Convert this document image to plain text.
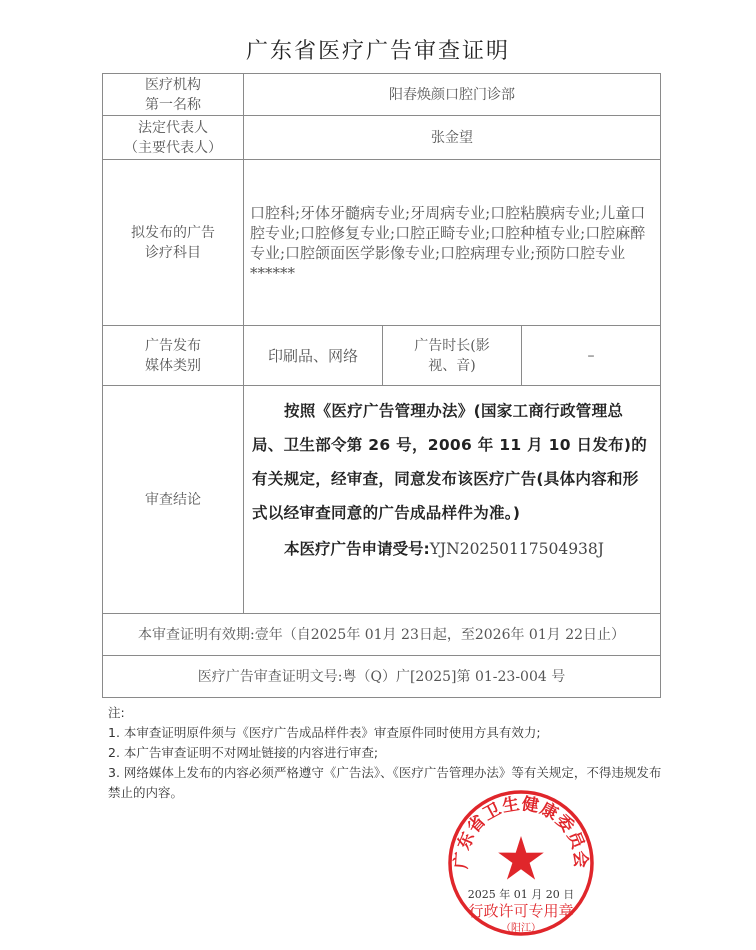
广东省医疗广告审查证明
医疗机构
第一名称	阳春焕颜口腔门诊部		

法定代表人
（主要代表人）	张金望		

拟发布的广告
诊疗科目	口腔科;牙体牙髓病专业;牙周病专业;口腔粘膜病专业;儿童口腔专业;口腔修复专业;口腔正畸专业;口腔种植专业;口腔麻醉专业;口腔颌面医学影像专业;口腔病理专业;预防口腔专业******		

广告发布
媒体类别	印刷品、网络	广告时长(影
视、音)	–
审查结论	按照《医疗广告管理办法》(国家工商行政管理总局、卫生部令第 26 号，2006 年 11 月 10 日发布)的有关规定，经审查，同意发布该医疗广告(具体内容和形式以经审查同意的广告成品样件为准。)

本医疗广告申请受号:YJN20250117504938J		

本审查证明有效期:壹年（自2025年 01月 23日起，至2026年 01月 22日止）			
医疗广告审查证明文号:粤（Q）广[2025]第 01-23-004 号			

注:

1. 本审查证明原件须与《医疗广告成品样件表》审查原件同时使用方具有效力;

2. 本广告审查证明不对网址链接的内容进行审查;

3. 网络媒体上发布的内容必须严格遵守《广告法》、《医疗广告管理办法》等有关规定，不得违规发布禁止的内容。

广东省卫生健康委员会
2025 年 01 月 20 日
行政许可专用章
（阳江）
